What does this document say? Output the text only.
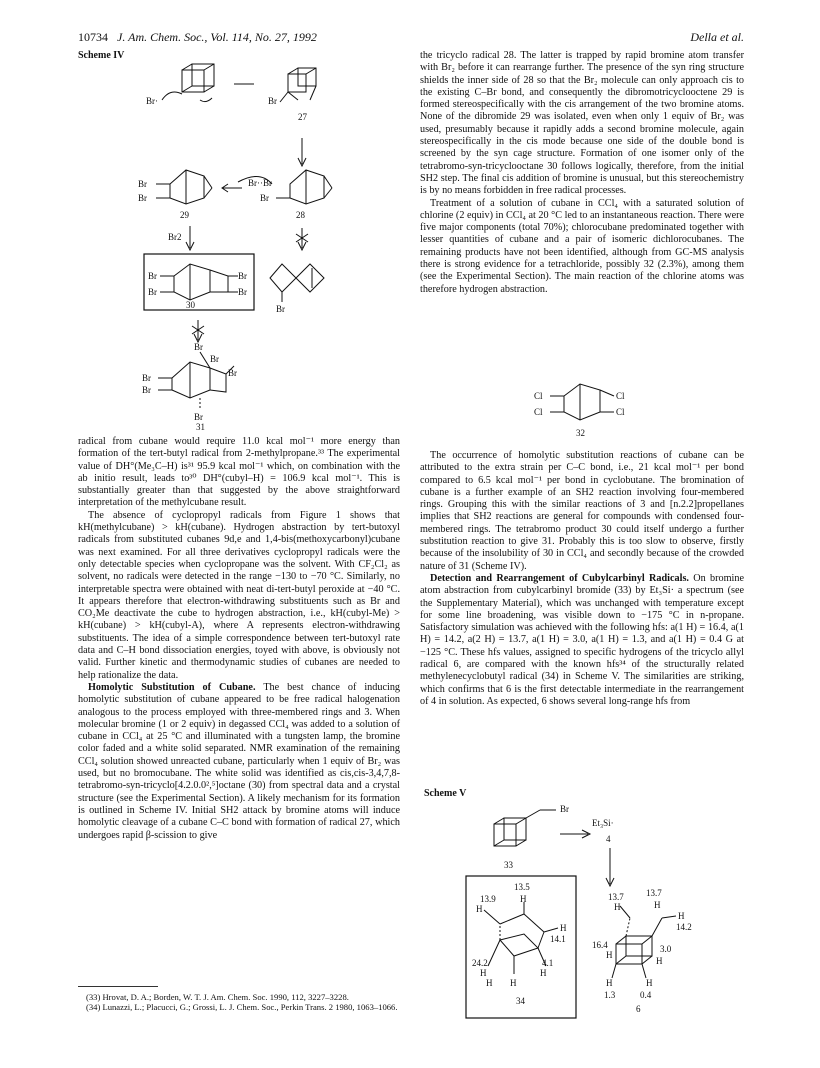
10734 J. Am. Chem. Soc., Vol. 114, No. 27, 1992	Della et al.
Scheme IV
Br·	Br
27
Br··Br
Br
28
Br
Br
29
Br2
Br
Br
Br
Br
30	Br
Br
Br
Br
Br
Br
Br
31

radical from cubane would require 11.0 kcal mol⁻¹ more energy than formation of the tert-butyl radical from 2-methylpropane.³³ The experimental value of DH°(Me₃C–H) is³¹ 95.9 kcal mol⁻¹ which, on combination with the ab initio result, leads to³⁰ DH°(cubyl–H) = 106.9 kcal mol⁻¹. This is substantially greater than that suggested by the above straightforward interpretation of the methylcubane result.

The absence of cyclopropyl radicals from Figure 1 shows that kH(methylcubane) > kH(cubane). Hydrogen abstraction by tert-butoxyl radicals from substituted cubanes 9d,e and 1,4-bis(methoxycarbonyl)cubane was next examined. For all three derivatives cyclopropyl radicals were the only detectable species when cyclopropane was the solvent. With CF₂Cl₂ as solvent, no radicals were detected in the range −130 to −70 °C. Similarly, no interpretable spectra were obtained with neat di-tert-butyl peroxide at −40 °C. It appears therefore that electron-withdrawing substituents such as Br and CO₂Me deactivate the cube to hydrogen abstraction, i.e., kH(cubyl-Me) > kH(cubane) > kH(cubyl-A), where A represents electron-withdrawing substituents. The idea of a simple correspondence between tert-butoxyl rate data and C–H bond dissociation energies, toyed with above, is obviously not valid. Further kinetic and thermodynamic studies of cubanes are needed to help rationalize the data.

Homolytic Substitution of Cubane. The best chance of inducing homolytic substitution of cubane appeared to be free radical halogenation analogous to the process employed with three-membered rings and 3. When molecular bromine (1 or 2 equiv) in degassed CCl₄ was added to a solution of cubane in CCl₄ at 25 °C and illuminated with a tungsten lamp, the bromine color faded and a white solid separated. NMR examination of the remaining CCl₄ solution showed unreacted cubane, particularly when 1 equiv of Br₂ was used, but no bromocubane. The white solid was identified as cis,cis-3,4,7,8-tetrabromo-syn-tricyclo[4.2.0.0²,⁵]octane (30) from spectral data and a crystal structure (see the Experimental Section). A likely mechanism for its formation is outlined in Scheme IV. Initial SH2 attack by bromine atoms will induce homolytic cleavage of a cubane C–C bond with formation of radical 27, which undergoes rapid β-scission to give

(33) Hrovat, D. A.; Borden, W. T. J. Am. Chem. Soc. 1990, 112, 3227–3228.

(34) Lunazzi, L.; Placucci, G.; Grossi, L. J. Chem. Soc., Perkin Trans. 2 1980, 1063–1066.

the tricyclo radical 28. The latter is trapped by rapid bromine atom transfer with Br₂ before it can rearrange further. The presence of the syn ring structure shields the inner side of 28 so that the Br₂ molecule can only approach cis to the existing C–Br bond, and consequently the dibromotricyclooctene 29 is formed stereospecifically with the cis arrangement of the two bromine atoms. None of the dibromide 29 was isolated, even when only 1 equiv of Br₂ was used, presumably because it rapidly adds a second bromine molecule, again stereospecifically in the cis mode because one side of the double bond is screened by the syn cage structure. Formation of one isomer only of the tetrabromo-syn-tricyclooctane 30 follows logically, therefore, from the initial SH2 step. The final cis addition of bromine is unusual, but this stereochemistry is by no means forbidden in free radical processes.

Treatment of a solution of cubane in CCl₄ with a saturated solution of chlorine (2 equiv) in CCl₄ at 20 °C led to an instantaneous reaction. There were five major components (total 70%); chlorocubane predominated together with lesser quantities of cubane and a pair of isomeric dichlorocubanes. The remaining products have not been identified, although from GC-MS analysis there is strong evidence for a tetrachloride, possibly 32 (2.3%), among them (see the Experimental Section). The main reaction of the chlorine atoms was therefore hydrogen abstraction.

Cl
Cl
Cl
Cl
32

The occurrence of homolytic substitution reactions of cubane can be attributed to the extra strain per C–C bond, i.e., 21 kcal mol⁻¹ per bond compared to 6.5 kcal mol⁻¹ per bond in cyclobutane. The bromination of cubane is a further example of an SH2 reaction involving four-membered rings. Grouping this with the similar reactions of 3 and [n.2.2]propellanes implies that SH2 reactions are general for compounds with condensed four-membered rings. The tetrabromo product 30 could itself undergo a further substitution reaction to give 31. Probably this is too slow to observe, firstly because of the insolubility of 30 in CCl₄ and secondly because of the crowded nature of 31 (Scheme IV).

Detection and Rearrangement of Cubylcarbinyl Radicals. On bromine atom abstraction from cubylcarbinyl bromide (33) by Et₃Si· a spectrum (see the Supplementary Material), which was unchanged with temperature except for some line broadening, was visible down to −175 °C in n-propane. Satisfactory simulation was achieved with the following hfs: a(1 H) = 16.4, a(1 H) = 14.2, a(2 H) = 13.7, a(1 H) = 3.0, a(1 H) = 1.3, and a(1 H) = 0.4 G at −125 °C. These hfs values, assigned to specific hydrogens of the tricyclo allyl radical 6, are compared with the known hfs³⁴ of the structurally related methylenecyclobutyl radical (34) in Scheme V. The similarities are striking, which confirms that 6 is the first detectable intermediate in the rearrangement of 4 in solution. As expected, 6 shows several long-range hfs from

Scheme V
Br
Et₃Si·
4
33
13.5
13.9	H
H
H
14.1
24.2	4.1
H	H
H H
34
13.7
13.7
H
H
H
14.2
16.4
H
3.0
H
H	H
1.3	0.4
6
